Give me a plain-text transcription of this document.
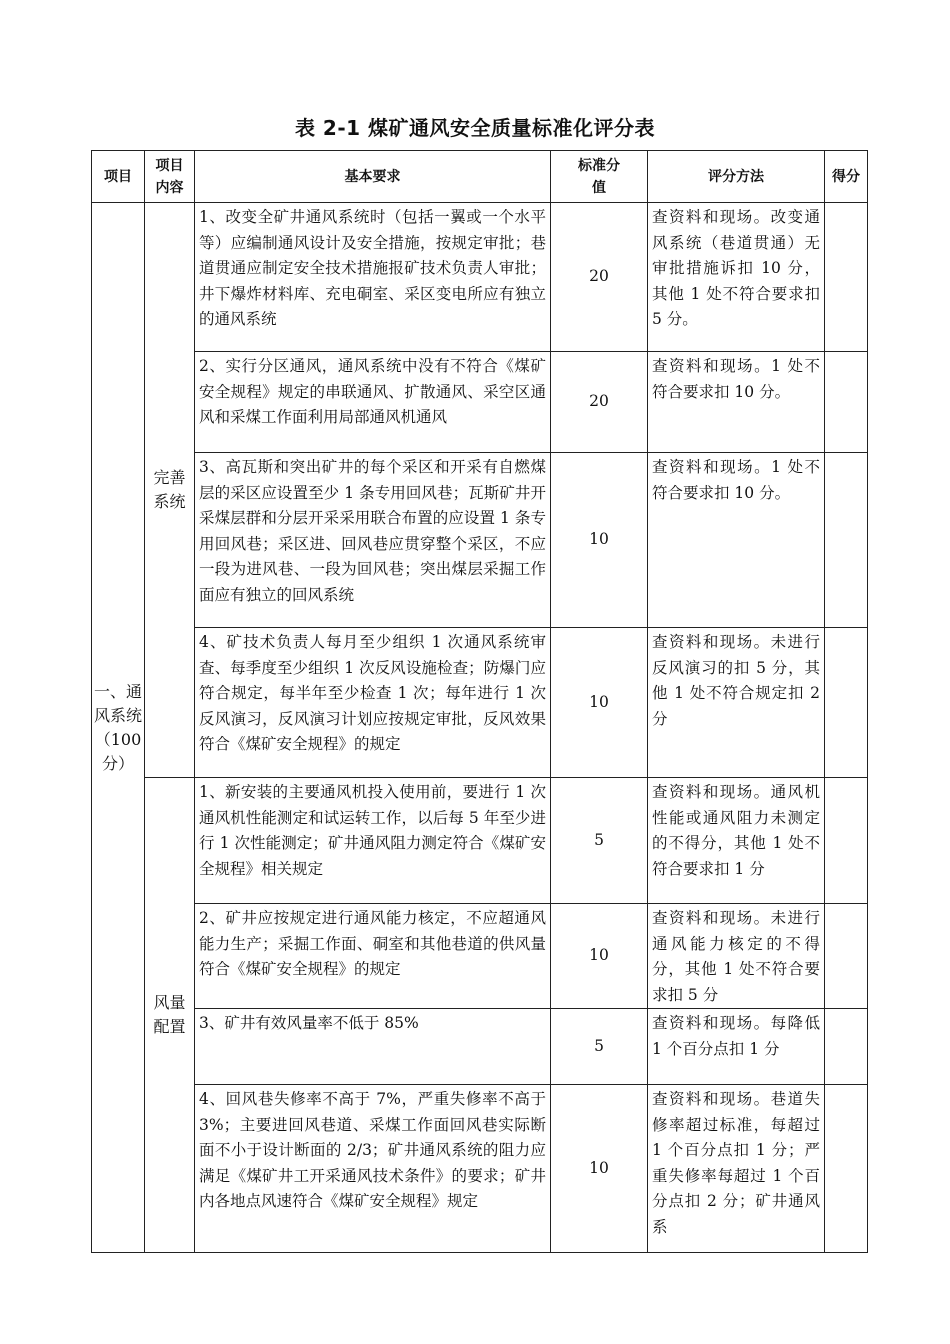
表 2-1 煤矿通风安全质量标准化评分表
项目	项目内容	基本要求	标准分值	评分方法	得分
一、通风系统（100分）	完善系统	1、改变全矿井通风系统时（包括一翼或一个水平等）应编制通风设计及安全措施，按规定审批；巷道贯通应制定安全技术措施报矿技术负责人审批；井下爆炸材料库、充电硐室、采区变电所应有独立的通风系统	20	查资料和现场。改变通风系统（巷道贯通）无审批措施诉扣 10 分，其他 1 处不符合要求扣 5 分。	
		2、实行分区通风，通风系统中没有不符合《煤矿安全规程》规定的串联通风、扩散通风、采空区通风和采煤工作面利用局部通风机通风	20	查资料和现场。1 处不符合要求扣 10 分。	
		3、高瓦斯和突出矿井的每个采区和开采有自燃煤层的采区应设置至少 1 条专用回风巷；瓦斯矿井开采煤层群和分层开采采用联合布置的应设置 1 条专用回风巷；采区进、回风巷应贯穿整个采区，不应一段为进风巷、一段为回风巷；突出煤层采掘工作面应有独立的回风系统	10	查资料和现场。1 处不符合要求扣 10 分。	
		4、矿技术负责人每月至少组织 1 次通风系统审查、每季度至少组织 1 次反风设施检查；防爆门应符合规定，每半年至少检查 1 次；每年进行 1 次反风演习，反风演习计划应按规定审批，反风效果符合《煤矿安全规程》的规定	10	查资料和现场。未进行反风演习的扣 5 分，其他 1 处不符合规定扣 2 分	
	风量配置	1、新安装的主要通风机投入使用前，要进行 1 次通风机性能测定和试运转工作，以后每 5 年至少进行 1 次性能测定；矿井通风阻力测定符合《煤矿安全规程》相关规定	5	查资料和现场。通风机性能或通风阻力未测定的不得分，其他 1 处不符合要求扣 1 分	
		2、矿井应按规定进行通风能力核定，不应超通风能力生产；采掘工作面、硐室和其他巷道的供风量符合《煤矿安全规程》的规定	10	查资料和现场。未进行通风能力核定的不得分，其他 1 处不符合要求扣 5 分	
		3、矿井有效风量率不低于 85%	5	查资料和现场。每降低 1 个百分点扣 1 分	
		4、回风巷失修率不高于 7%，严重失修率不高于 3%；主要进回风巷道、采煤工作面回风巷实际断面不小于设计断面的 2/3；矿井通风系统的阻力应满足《煤矿井工开采通风技术条件》的要求；矿井内各地点风速符合《煤矿安全规程》规定	10	查资料和现场。巷道失修率超过标准，每超过 1 个百分点扣 1 分；严重失修率每超过 1 个百分点扣 2 分；矿井通风系	
